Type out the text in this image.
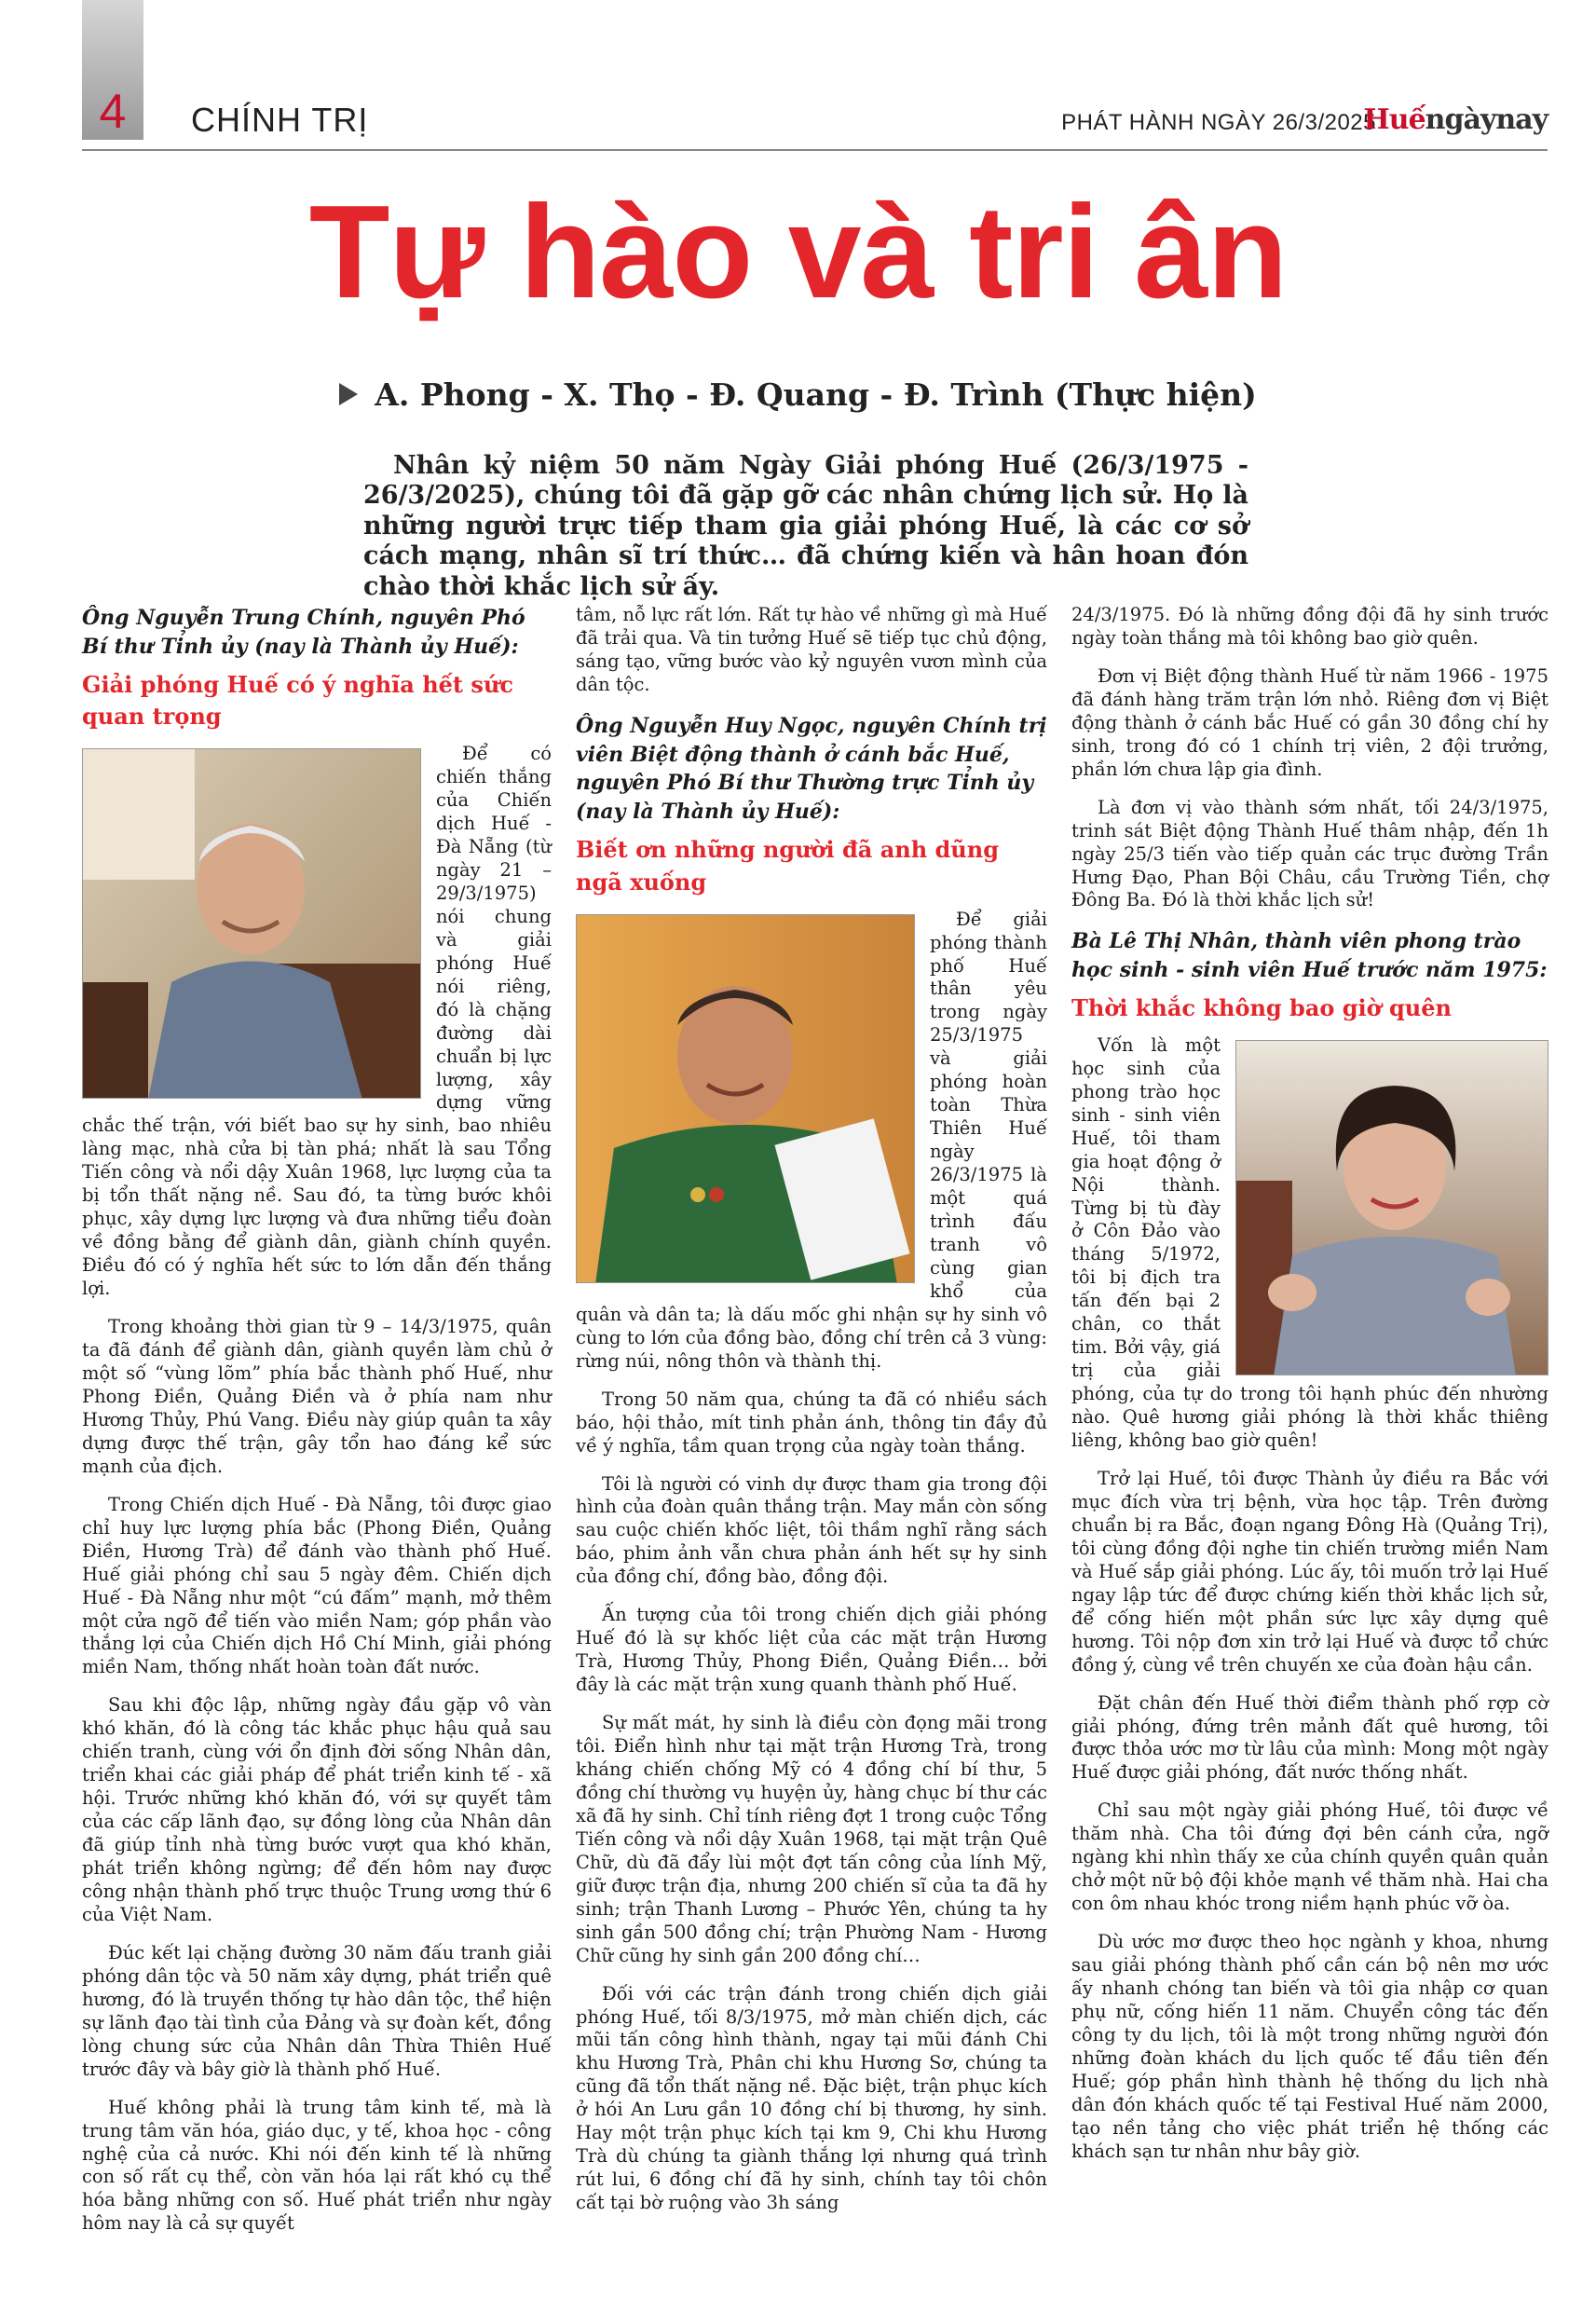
4	CHÍNH TRỊ	PHÁT HÀNH NGÀY 26/3/2025
Huếngàynay
Tự hào và tri ân
A. Phong - X. Thọ - Đ. Quang - Đ. Trình (Thực hiện)

Nhân kỷ niệm 50 năm Ngày Giải phóng Huế (26/3/1975 - 26/3/2025), chúng tôi đã gặp gỡ các nhân chứng lịch sử. Họ là những người trực tiếp tham gia giải phóng Huế, là các cơ sở cách mạng, nhân sĩ trí thức… đã chứng kiến và hân hoan đón chào thời khắc lịch sử ấy.

Ông Nguyễn Trung Chính, nguyên Phó Bí thư Tỉnh ủy (nay là Thành ủy Huế):
Giải phóng Huế có ý nghĩa hết sức quan trọng

Để có chiến thắng của Chiến dịch Huế - Đà Nẵng (từ ngày 21 – 29/3/1975) nói chung và giải phóng Huế nói riêng, đó là chặng đường dài chuẩn bị lực lượng, xây dựng vững chắc thế trận, với biết bao sự hy sinh, bao nhiêu làng mạc, nhà cửa bị tàn phá; nhất là sau Tổng Tiến công và nổi dậy Xuân 1968, lực lượng của ta bị tổn thất nặng nề. Sau đó, ta từng bước khôi phục, xây dựng lực lượng và đưa những tiểu đoàn về đồng bằng để giành dân, giành chính quyền. Điều đó có ý nghĩa hết sức to lớn dẫn đến thắng lợi.

Trong khoảng thời gian từ 9 – 14/3/1975, quân ta đã đánh để giành dân, giành quyền làm chủ ở một số “vùng lõm” phía bắc thành phố Huế, như Phong Điền, Quảng Điền và ở phía nam như Hương Thủy, Phú Vang. Điều này giúp quân ta xây dựng được thế trận, gây tổn hao đáng kể sức mạnh của địch.

Trong Chiến dịch Huế - Đà Nẵng, tôi được giao chỉ huy lực lượng phía bắc (Phong Điền, Quảng Điền, Hương Trà) để đánh vào thành phố Huế. Huế giải phóng chỉ sau 5 ngày đêm. Chiến dịch Huế - Đà Nẵng như một “cú đấm” mạnh, mở thêm một cửa ngõ để tiến vào miền Nam; góp phần vào thắng lợi của Chiến dịch Hồ Chí Minh, giải phóng miền Nam, thống nhất hoàn toàn đất nước.

Sau khi độc lập, những ngày đầu gặp vô vàn khó khăn, đó là công tác khắc phục hậu quả sau chiến tranh, cùng với ổn định đời sống Nhân dân, triển khai các giải pháp để phát triển kinh tế - xã hội. Trước những khó khăn đó, với sự quyết tâm của các cấp lãnh đạo, sự đồng lòng của Nhân dân đã giúp tỉnh nhà từng bước vượt qua khó khăn, phát triển không ngừng; để đến hôm nay được công nhận thành phố trực thuộc Trung ương thứ 6 của Việt Nam.

Đúc kết lại chặng đường 30 năm đấu tranh giải phóng dân tộc và 50 năm xây dựng, phát triển quê hương, đó là truyền thống tự hào dân tộc, thể hiện sự lãnh đạo tài tình của Đảng và sự đoàn kết, đồng lòng chung sức của Nhân dân Thừa Thiên Huế trước đây và bây giờ là thành phố Huế.

Huế không phải là trung tâm kinh tế, mà là trung tâm văn hóa, giáo dục, y tế, khoa học - công nghệ của cả nước. Khi nói đến kinh tế là những con số rất cụ thể, còn văn hóa lại rất khó cụ thể hóa bằng những con số. Huế phát triển như ngày hôm nay là cả sự quyết

tâm, nỗ lực rất lớn. Rất tự hào về những gì mà Huế đã trải qua. Và tin tưởng Huế sẽ tiếp tục chủ động, sáng tạo, vững bước vào kỷ nguyên vươn mình của dân tộc.

Ông Nguyễn Huy Ngọc, nguyên Chính trị viên Biệt động thành ở cánh bắc Huế, nguyên Phó Bí thư Thường trực Tỉnh ủy (nay là Thành ủy Huế):
Biết ơn những người đã anh dũng ngã xuống

Để giải phóng thành phố Huế thân yêu trong ngày 25/3/1975 và giải phóng hoàn toàn Thừa Thiên Huế ngày 26/3/1975 là một quá trình đấu tranh vô cùng gian khổ của quân và dân ta; là dấu mốc ghi nhận sự hy sinh vô cùng to lớn của đồng bào, đồng chí trên cả 3 vùng: rừng núi, nông thôn và thành thị.

Trong 50 năm qua, chúng ta đã có nhiều sách báo, hội thảo, mít tinh phản ánh, thông tin đầy đủ về ý nghĩa, tầm quan trọng của ngày toàn thắng.

Tôi là người có vinh dự được tham gia trong đội hình của đoàn quân thắng trận. May mắn còn sống sau cuộc chiến khốc liệt, tôi thầm nghĩ rằng sách báo, phim ảnh vẫn chưa phản ánh hết sự hy sinh của đồng chí, đồng bào, đồng đội.

Ấn tượng của tôi trong chiến dịch giải phóng Huế đó là sự khốc liệt của các mặt trận Hương Trà, Hương Thủy, Phong Điền, Quảng Điền… bởi đây là các mặt trận xung quanh thành phố Huế.

Sự mất mát, hy sinh là điều còn đọng mãi trong tôi. Điển hình như tại mặt trận Hương Trà, trong kháng chiến chống Mỹ có 4 đồng chí bí thư, 5 đồng chí thường vụ huyện ủy, hàng chục bí thư các xã đã hy sinh. Chỉ tính riêng đợt 1 trong cuộc Tổng Tiến công và nổi dậy Xuân 1968, tại mặt trận Quê Chữ, dù đã đẩy lùi một đợt tấn công của lính Mỹ, giữ được trận địa, nhưng 200 chiến sĩ của ta đã hy sinh; trận Thanh Lương – Phước Yên, chúng ta hy sinh gần 500 đồng chí; trận Phường Nam - Hương Chữ cũng hy sinh gần 200 đồng chí…

Đối với các trận đánh trong chiến dịch giải phóng Huế, tối 8/3/1975, mở màn chiến dịch, các mũi tấn công hình thành, ngay tại mũi đánh Chi khu Hương Trà, Phân chi khu Hương Sơ, chúng ta cũng đã tổn thất nặng nề. Đặc biệt, trận phục kích ở hói An Lưu gần 10 đồng chí bị thương, hy sinh. Hay một trận phục kích tại km 9, Chi khu Hương Trà dù chúng ta giành thắng lợi nhưng quá trình rút lui, 6 đồng chí đã hy sinh, chính tay tôi chôn cất tại bờ ruộng vào 3h sáng

24/3/1975. Đó là những đồng đội đã hy sinh trước ngày toàn thắng mà tôi không bao giờ quên.

Đơn vị Biệt động thành Huế từ năm 1966 - 1975 đã đánh hàng trăm trận lớn nhỏ. Riêng đơn vị Biệt động thành ở cánh bắc Huế có gần 30 đồng chí hy sinh, trong đó có 1 chính trị viên, 2 đội trưởng, phần lớn chưa lập gia đình.

Là đơn vị vào thành sớm nhất, tối 24/3/1975, trinh sát Biệt động Thành Huế thâm nhập, đến 1h ngày 25/3 tiến vào tiếp quản các trục đường Trần Hưng Đạo, Phan Bội Châu, cầu Trường Tiền, chợ Đông Ba. Đó là thời khắc lịch sử!

Bà Lê Thị Nhân, thành viên phong trào học sinh - sinh viên Huế trước năm 1975:
Thời khắc không bao giờ quên

Vốn là một học sinh của phong trào học sinh - sinh viên Huế, tôi tham gia hoạt động ở Nội thành. Từng bị tù đày ở Côn Đảo vào tháng 5/1972, tôi bị địch tra tấn đến bại 2 chân, co thắt tim. Bởi vậy, giá trị của giải phóng, của tự do trong tôi hạnh phúc đến nhường nào. Quê hương giải phóng là thời khắc thiêng liêng, không bao giờ quên!

Trở lại Huế, tôi được Thành ủy điều ra Bắc với mục đích vừa trị bệnh, vừa học tập. Trên đường chuẩn bị ra Bắc, đoạn ngang Đông Hà (Quảng Trị), tôi cùng đồng đội nghe tin chiến trường miền Nam và Huế sắp giải phóng. Lúc ấy, tôi muốn trở lại Huế ngay lập tức để được chứng kiến thời khắc lịch sử, để cống hiến một phần sức lực xây dựng quê hương. Tôi nộp đơn xin trở lại Huế và được tổ chức đồng ý, cùng về trên chuyến xe của đoàn hậu cần.

Đặt chân đến Huế thời điểm thành phố rợp cờ giải phóng, đứng trên mảnh đất quê hương, tôi được thỏa ước mơ từ lâu của mình: Mong một ngày Huế được giải phóng, đất nước thống nhất.

Chỉ sau một ngày giải phóng Huế, tôi được về thăm nhà. Cha tôi đứng đợi bên cánh cửa, ngỡ ngàng khi nhìn thấy xe của chính quyền quân quản chở một nữ bộ đội khỏe mạnh về thăm nhà. Hai cha con ôm nhau khóc trong niềm hạnh phúc vỡ òa.

Dù ước mơ được theo học ngành y khoa, nhưng sau giải phóng thành phố cần cán bộ nên mơ ước ấy nhanh chóng tan biến và tôi gia nhập cơ quan phụ nữ, cống hiến 11 năm. Chuyển công tác đến công ty du lịch, tôi là một trong những người đón những đoàn khách du lịch quốc tế đầu tiên đến Huế; góp phần hình thành hệ thống du lịch nhà dân đón khách quốc tế tại Festival Huế năm 2000, tạo nền tảng cho việc phát triển hệ thống các khách sạn tư nhân như bây giờ.
